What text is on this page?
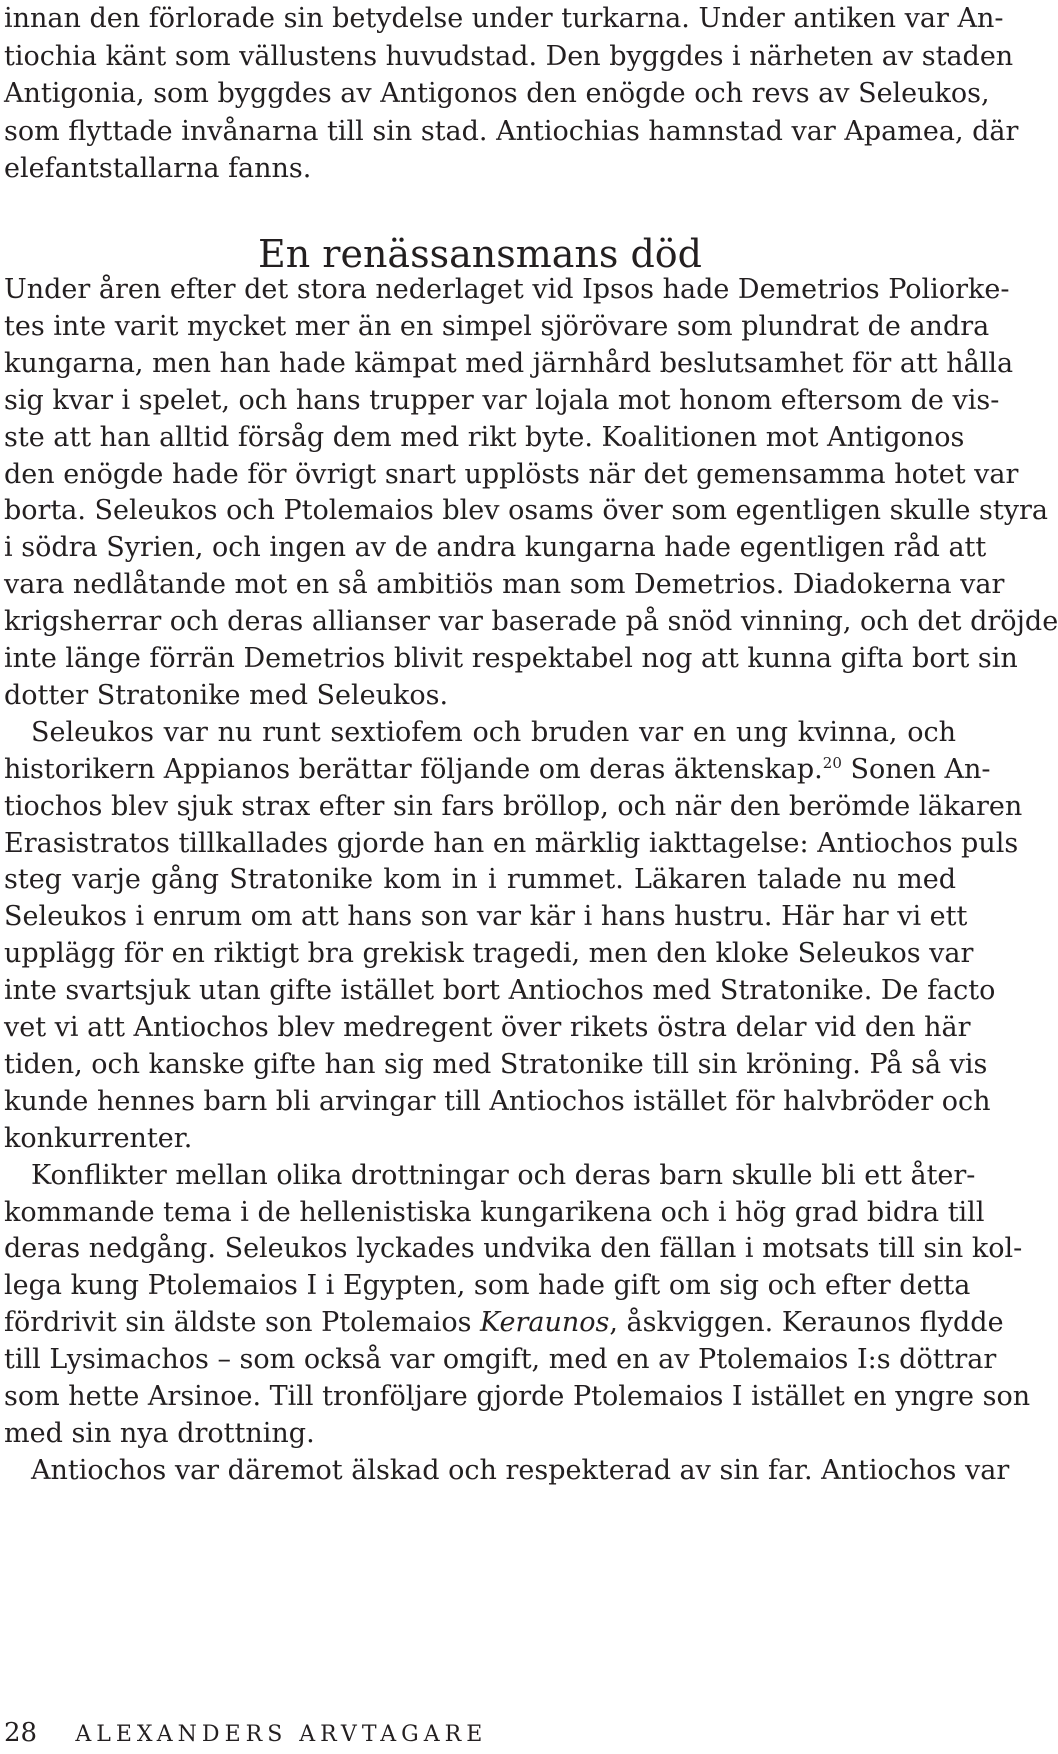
innan den förlorade sin betydelse under turkarna. Under antiken var An-
tiochia känt som vällustens huvudstad. Den byggdes i närheten av staden
Antigonia, som byggdes av Antigonos den enögde och revs av Seleukos,
som flyttade invånarna till sin stad. Antiochias hamnstad var Apamea, där
elefantstallarna fanns.
En renässansmans död
Under åren efter det stora nederlaget vid Ipsos hade Demetrios Poliorke-
tes inte varit mycket mer än en simpel sjörövare som plundrat de andra
kungarna, men han hade kämpat med järnhård beslutsamhet för att hålla
sig kvar i spelet, och hans trupper var lojala mot honom eftersom de vis-
ste att han alltid försåg dem med rikt byte. Koalitionen mot Antigonos
den enögde hade för övrigt snart upplösts när det gemensamma hotet var
borta. Seleukos och Ptolemaios blev osams över som egentligen skulle styra
i södra Syrien, och ingen av de andra kungarna hade egentligen råd att
vara nedlåtande mot en så ambitiös man som Demetrios. Diadokerna var
krigsherrar och deras allianser var baserade på snöd vinning, och det dröjde
inte länge förrän Demetrios blivit respektabel nog att kunna gifta bort sin
dotter Stratonike med Seleukos.
Seleukos var nu runt sextiofem och bruden var en ung kvinna, och
historikern Appianos berättar följande om deras äktenskap.$^{20}$ Sonen An-
tiochos blev sjuk strax efter sin fars bröllop, och när den berömde läkaren
Erasistratos tillkallades gjorde han en märklig iakttagelse: Antiochos puls
steg varje gång Stratonike kom in i rummet. Läkaren talade nu med
Seleukos i enrum om att hans son var kär i hans hustru. Här har vi ett
upplägg för en riktigt bra grekisk tragedi, men den kloke Seleukos var
inte svartsjuk utan gifte istället bort Antiochos med Stratonike. De facto
vet vi att Antiochos blev medregent över rikets östra delar vid den här
tiden, och kanske gifte han sig med Stratonike till sin kröning. På så vis
kunde hennes barn bli arvingar till Antiochos istället för halvbröder och
konkurrenter.
Konflikter mellan olika drottningar och deras barn skulle bli ett åter-
kommande tema i de hellenistiska kungarikena och i hög grad bidra till
deras nedgång. Seleukos lyckades undvika den fällan i motsats till sin kol-
lega kung Ptolemaios I i Egypten, som hade gift om sig och efter detta
fördrivit sin äldste son Ptolemaios Keraunos, åskviggen. Keraunos flydde
till Lysimachos – som också var omgift, med en av Ptolemaios I:s döttrar
som hette Arsinoe. Till tronföljare gjorde Ptolemaios I istället en yngre son
med sin nya drottning.
Antiochos var däremot älskad och respekterad av sin far. Antiochos var
28 ALEXANDERS ARVTAGARE
